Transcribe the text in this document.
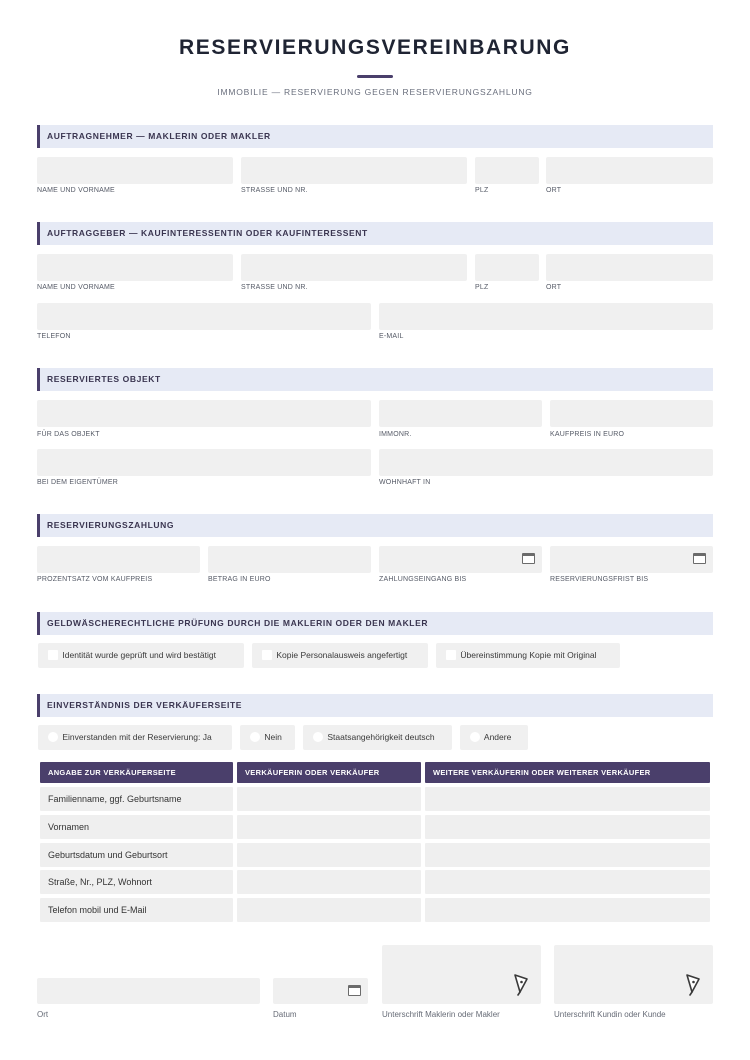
RESERVIERUNGSVEREINBARUNG
IMMOBILIE — RESERVIERUNG GEGEN RESERVIERUNGSZAHLUNG
AUFTRAGNEHMER — MAKLERIN ODER MAKLER
NAME UND VORNAME	STRASSE UND NR.	PLZ	ORT
AUFTRAGGEBER — KAUFINTERESSENTIN ODER KAUFINTERESSENT
NAME UND VORNAME	STRASSE UND NR.	PLZ	ORT
TELEFON	E-MAIL
RESERVIERTES OBJEKT
FÜR DAS OBJEKT	IMMONR.	KAUFPREIS IN EURO
BEI DEM EIGENTÜMER	WOHNHAFT IN
RESERVIERUNGSZAHLUNG
PROZENTSATZ VOM KAUFPREIS	BETRAG IN EURO	ZAHLUNGSEINGANG BIS	RESERVIERUNGSFRIST BIS
GELDWÄSCHERECHTLICHE PRÜFUNG DURCH DIE MAKLERIN ODER DEN MAKLER
Identität wurde geprüft und wird bestätigt	Kopie Personalausweis angefertigt	Übereinstimmung Kopie mit Original
EINVERSTÄNDNIS DER VERKÄUFERSEITE
Einverstanden mit der Reservierung: Ja	Nein	Staatsangehörigkeit deutsch	Andere
ANGABE ZUR VERKÄUFERSEITE	VERKÄUFERIN ODER VERKÄUFER	WEITERE VERKÄUFERIN ODER WEITERER VERKÄUFER
Familienname, ggf. Geburtsname
Vornamen
Geburtsdatum und Geburtsort
Straße, Nr., PLZ, Wohnort
Telefon mobil und E-Mail
Ort	Datum	Unterschrift Maklerin oder Makler	Unterschrift Kundin oder Kunde
